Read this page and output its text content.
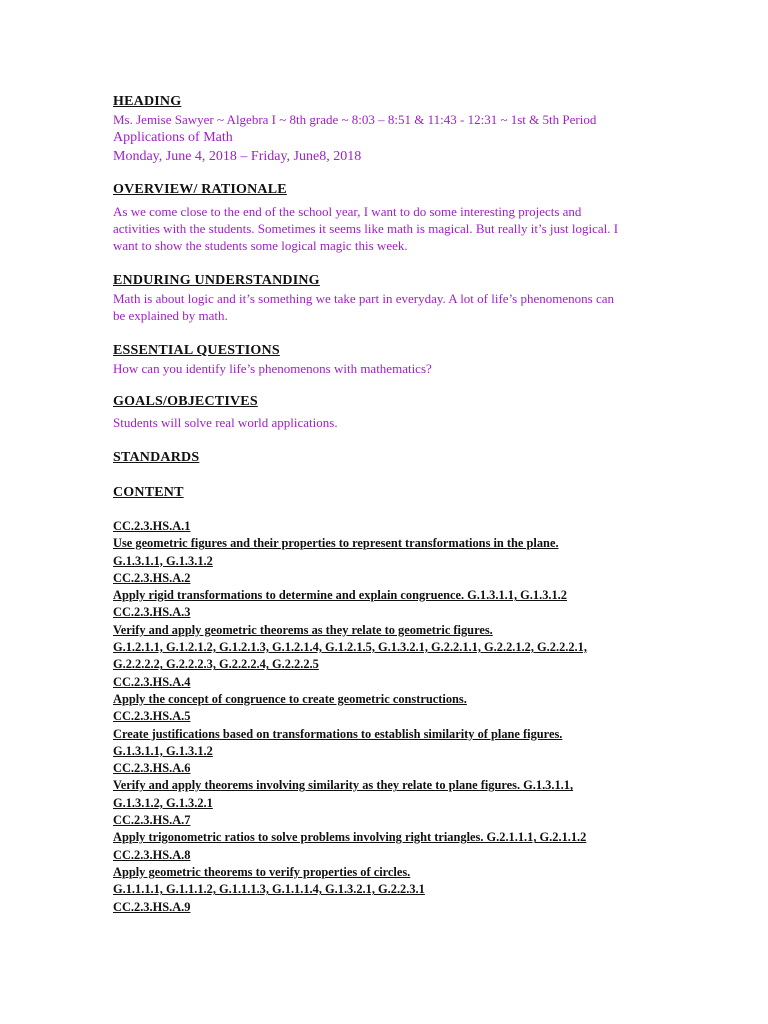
HEADING
Ms. Jemise Sawyer ~ Algebra I ~ 8th grade ~ 8:03 – 8:51 & 11:43 - 12:31 ~ 1st & 5th Period
Applications of Math
Monday, June 4, 2018 – Friday, June8, 2018
OVERVIEW/ RATIONALE
As we come close to the end of the school year, I want to do some interesting projects and
activities with the students. Sometimes it seems like math is magical. But really it’s just logical. I
want to show the students some logical magic this week.
ENDURING UNDERSTANDING
Math is about logic and it’s something we take part in everyday. A lot of life’s phenomenons can
be explained by math.
ESSENTIAL QUESTIONS
How can you identify life’s phenomenons with mathematics?
GOALS/OBJECTIVES
Students will solve real world applications.
STANDARDS
CONTENT
CC.2.3.HS.A.1
Use geometric figures and their properties to represent transformations in the plane.
G.1.3.1.1, G.1.3.1.2
CC.2.3.HS.A.2
Apply rigid transformations to determine and explain congruence. G.1.3.1.1, G.1.3.1.2
CC.2.3.HS.A.3
Verify and apply geometric theorems as they relate to geometric figures.
G.1.2.1.1, G.1.2.1.2, G.1.2.1.3, G.1.2.1.4, G.1.2.1.5, G.1.3.2.1, G.2.2.1.1, G.2.2.1.2, G.2.2.2.1,
G.2.2.2.2, G.2.2.2.3, G.2.2.2.4, G.2.2.2.5
CC.2.3.HS.A.4
Apply the concept of congruence to create geometric constructions.
CC.2.3.HS.A.5
Create justifications based on transformations to establish similarity of plane figures.
G.1.3.1.1, G.1.3.1.2
CC.2.3.HS.A.6
Verify and apply theorems involving similarity as they relate to plane figures. G.1.3.1.1,
G.1.3.1.2, G.1.3.2.1
CC.2.3.HS.A.7
Apply trigonometric ratios to solve problems involving right triangles. G.2.1.1.1, G.2.1.1.2
CC.2.3.HS.A.8
Apply geometric theorems to verify properties of circles.
G.1.1.1.1, G.1.1.1.2, G.1.1.1.3, G.1.1.1.4, G.1.3.2.1, G.2.2.3.1
CC.2.3.HS.A.9
